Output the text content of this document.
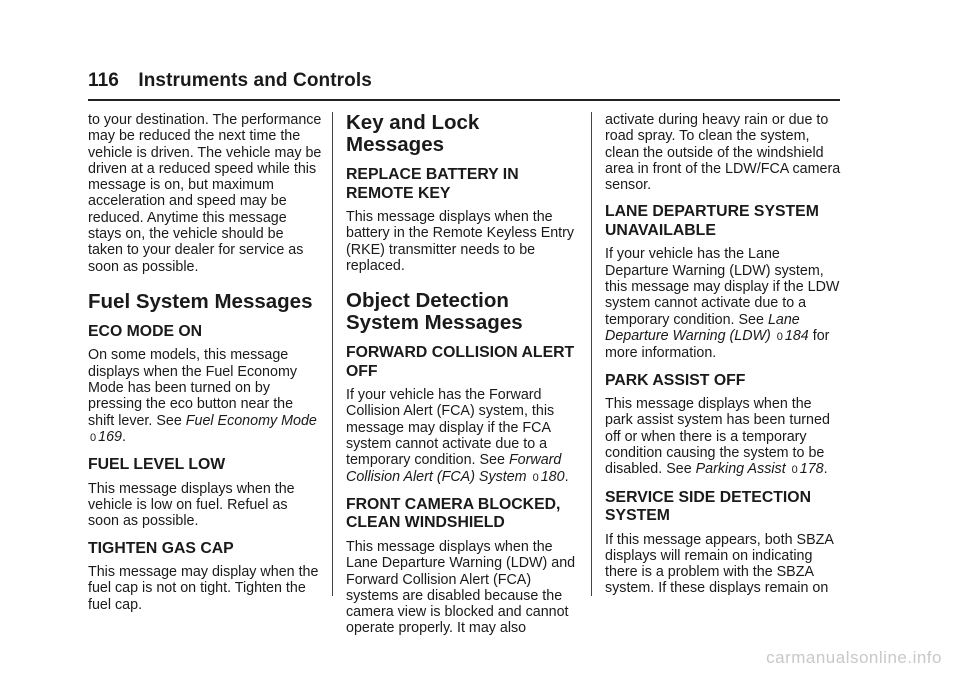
116 Instruments and Controls

to your destination. The performance may be reduced the next time the vehicle is driven. The vehicle may be driven at a reduced speed while this message is on, but maximum acceleration and speed may be reduced. Anytime this message stays on, the vehicle should be taken to your dealer for service as soon as possible.

Fuel System Messages
ECO MODE ON

On some models, this message displays when the Fuel Economy Mode has been turned on by pressing the eco button near the shift lever. See Fuel Economy Mode
0 169.

FUEL LEVEL LOW

This message displays when the vehicle is low on fuel. Refuel as soon as possible.

TIGHTEN GAS CAP

This message may display when the fuel cap is not on tight. Tighten the fuel cap.

Key and Lock Messages
REPLACE BATTERY IN REMOTE KEY

This message displays when the battery in the Remote Keyless Entry (RKE) transmitter needs to be replaced.

Object Detection System Messages
FORWARD COLLISION ALERT OFF

If your vehicle has the Forward Collision Alert (FCA) system, this message may display if the FCA system cannot activate due to a temporary condition. See Forward Collision Alert (FCA) System 0 180.

FRONT CAMERA BLOCKED, CLEAN WINDSHIELD

This message displays when the Lane Departure Warning (LDW) and Forward Collision Alert (FCA) systems are disabled because the camera view is blocked and cannot operate properly. It may also

activate during heavy rain or due to road spray. To clean the system, clean the outside of the windshield area in front of the LDW/FCA camera sensor.

LANE DEPARTURE SYSTEM UNAVAILABLE

If your vehicle has the Lane Departure Warning (LDW) system, this message may display if the LDW system cannot activate due to a temporary condition. See Lane Departure Warning (LDW) 0 184 for more information.

PARK ASSIST OFF

This message displays when the park assist system has been turned off or when there is a temporary condition causing the system to be disabled. See Parking Assist 0 178.

SERVICE SIDE DETECTION SYSTEM

If this message appears, both SBZA displays will remain on indicating there is a problem with the SBZA system. If these displays remain on

carmanualsonline.info
